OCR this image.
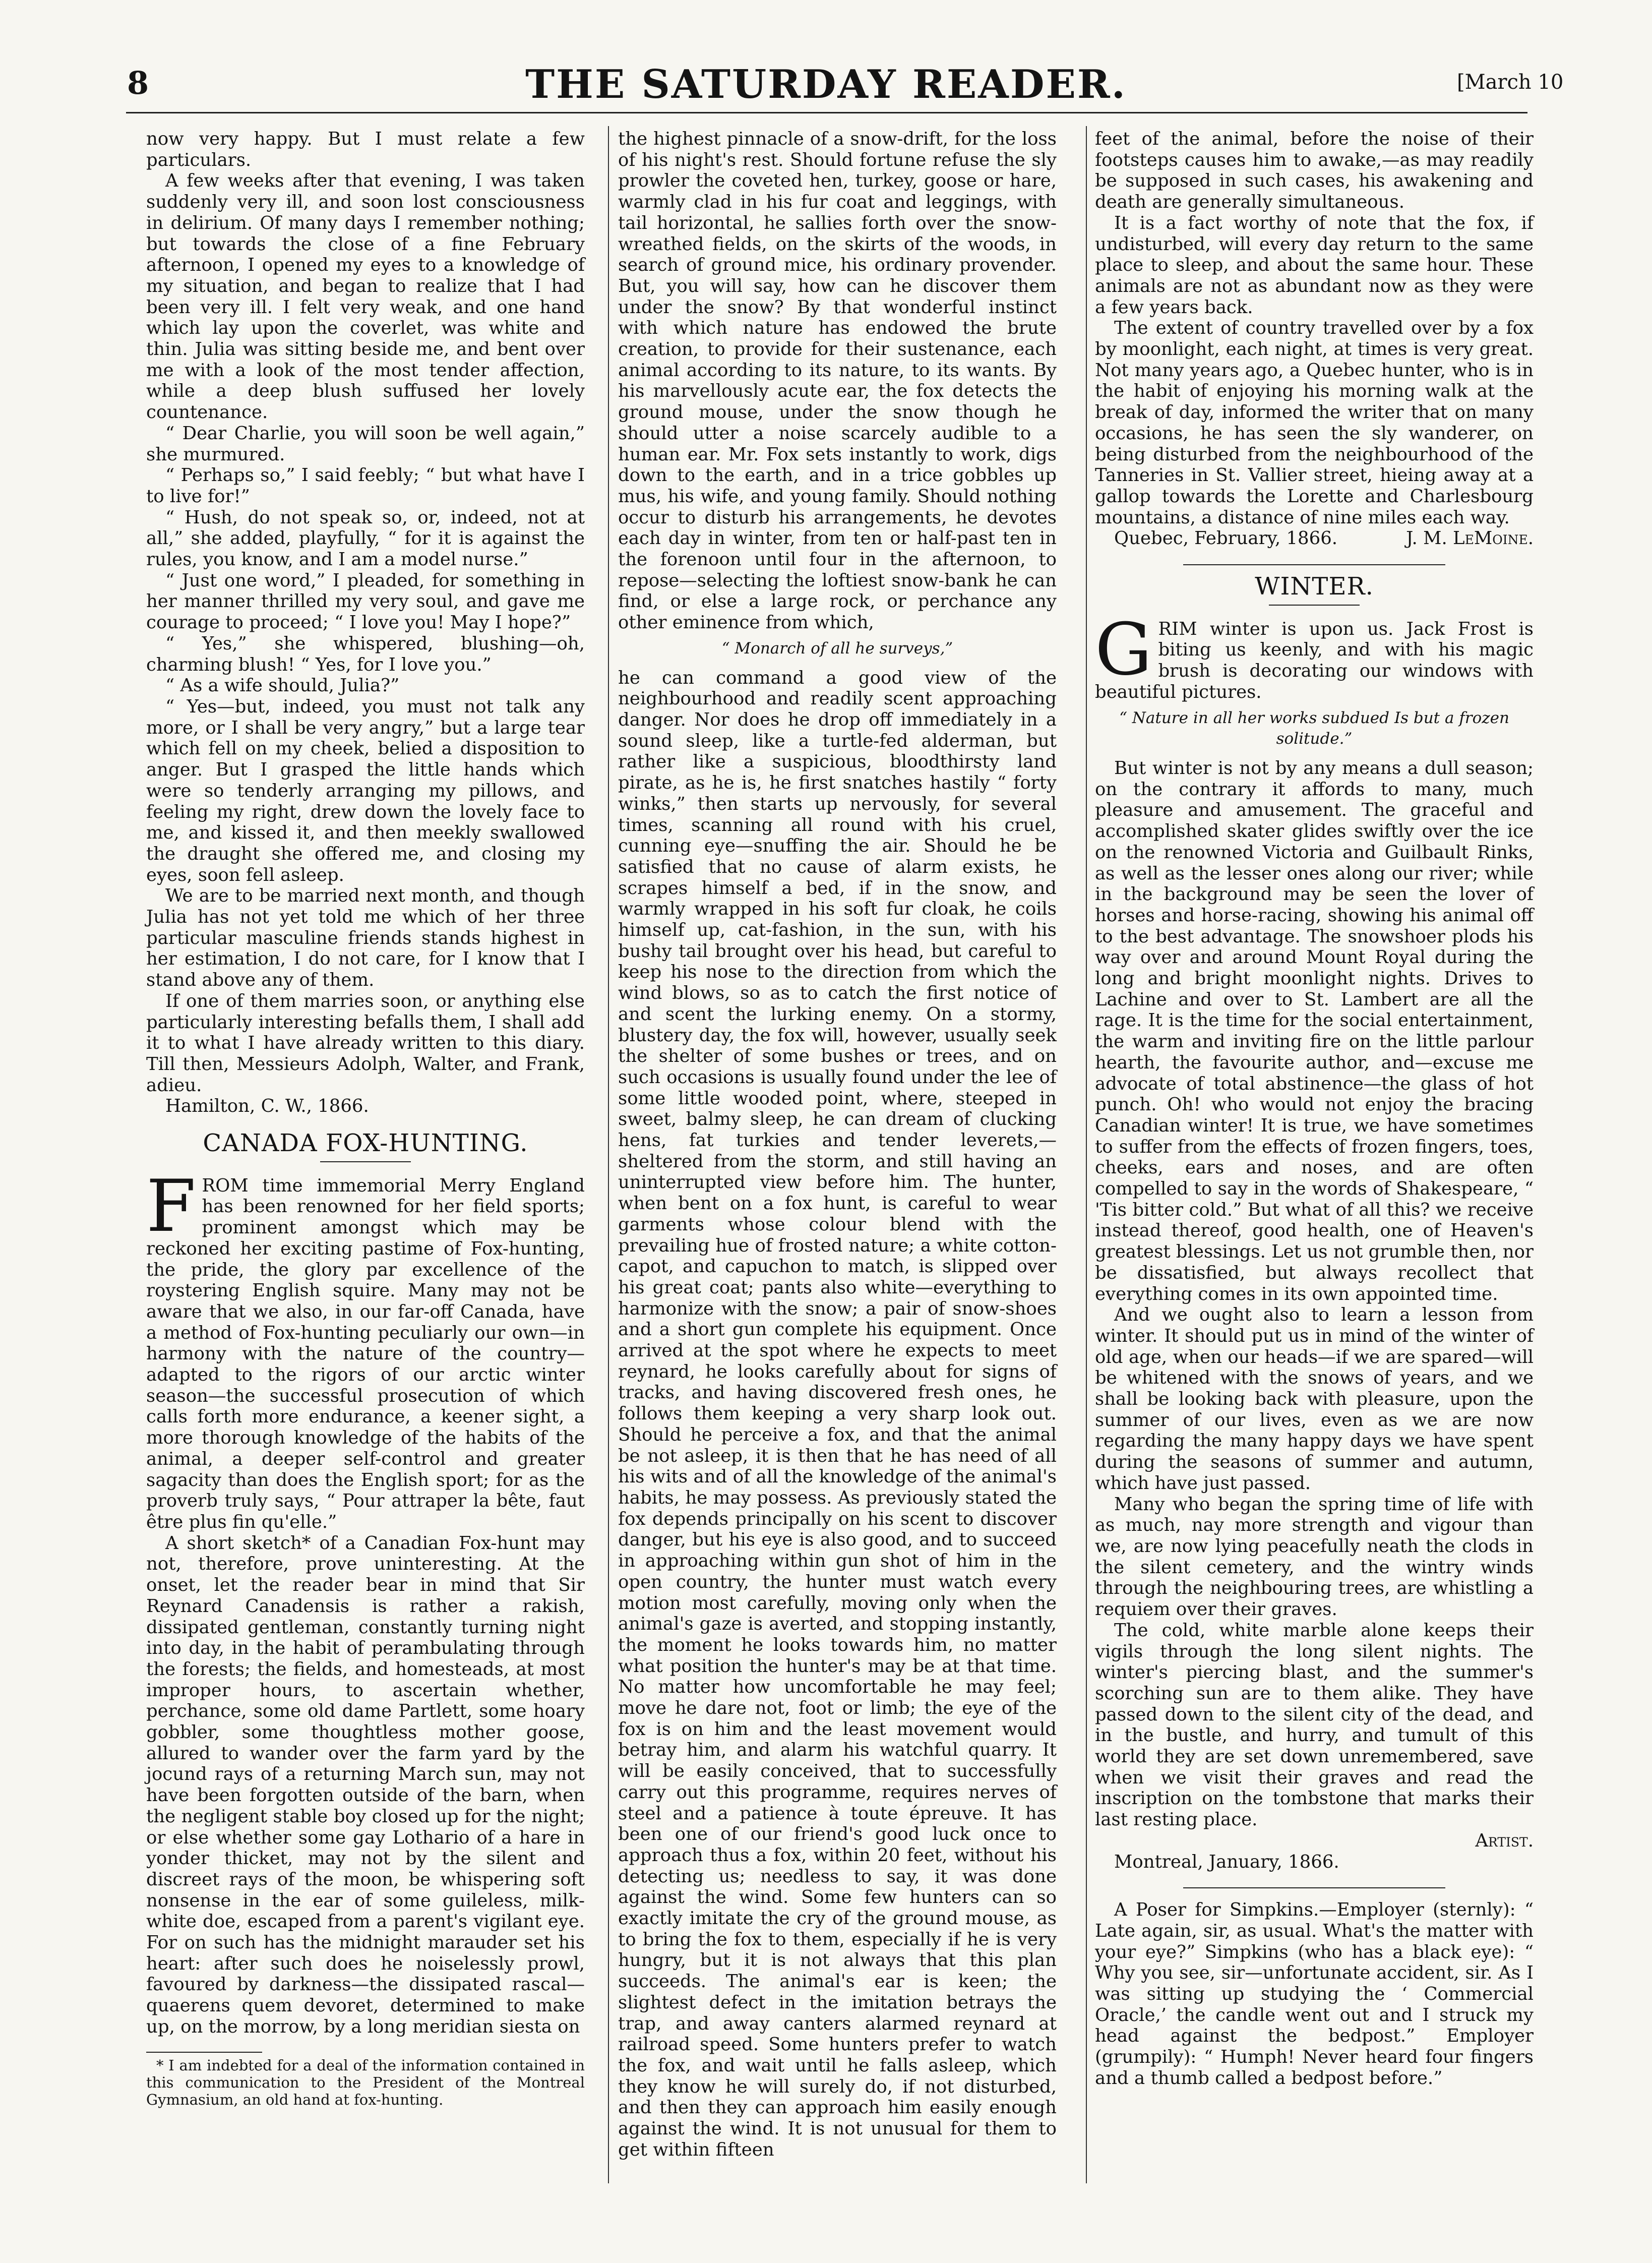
8	THE SATURDAY READER.	[March 10

now very happy. But I must relate a few particulars.

A few weeks after that evening, I was taken suddenly very ill, and soon lost consciousness in delirium. Of many days I remember nothing; but towards the close of a fine February afternoon, I opened my eyes to a knowledge of my situation, and began to realize that I had been very ill. I felt very weak, and one hand which lay upon the coverlet, was white and thin. Julia was sitting beside me, and bent over me with a look of the most tender affection, while a deep blush suffused her lovely countenance.

“ Dear Charlie, you will soon be well again,” she murmured.

“ Perhaps so,” I said feebly; “ but what have I to live for!”

“ Hush, do not speak so, or, indeed, not at all,” she added, playfully, “ for it is against the rules, you know, and I am a model nurse.”

“ Just one word,” I pleaded, for something in her manner thrilled my very soul, and gave me courage to proceed; “ I love you! May I hope?”

“ Yes,” she whispered, blushing—oh, charming blush! “ Yes, for I love you.”

“ As a wife should, Julia?”

“ Yes—but, indeed, you must not talk any more, or I shall be very angry,” but a large tear which fell on my cheek, belied a disposition to anger. But I grasped the little hands which were so tenderly arranging my pillows, and feeling my right, drew down the lovely face to me, and kissed it, and then meekly swallowed the draught she offered me, and closing my eyes, soon fell asleep.

We are to be married next month, and though Julia has not yet told me which of her three particular masculine friends stands highest in her estimation, I do not care, for I know that I stand above any of them.

If one of them marries soon, or anything else particularly interesting befalls them, I shall add it to what I have already written to this diary. Till then, Messieurs Adolph, Walter, and Frank, adieu.

Hamilton, C. W., 1866.

CANADA FOX-HUNTING.

FROM time immemorial Merry England has been renowned for her field sports; prominent amongst which may be reckoned her exciting pastime of Fox-hunting, the pride, the glory par excellence of the roystering English squire. Many may not be aware that we also, in our far-off Canada, have a method of Fox-hunting peculiarly our own—in harmony with the nature of the country—adapted to the rigors of our arctic winter season—the successful prosecution of which calls forth more endurance, a keener sight, a more thorough knowledge of the habits of the animal, a deeper self-control and greater sagacity than does the English sport; for as the proverb truly says, “ Pour attraper la bête, faut être plus fin qu'elle.”

A short sketch* of a Canadian Fox-hunt may not, therefore, prove uninteresting. At the onset, let the reader bear in mind that Sir Reynard Canadensis is rather a rakish, dissipated gentleman, constantly turning night into day, in the habit of perambulating through the forests; the fields, and homesteads, at most improper hours, to ascertain whether, perchance, some old dame Partlett, some hoary gobbler, some thoughtless mother goose, allured to wander over the farm yard by the jocund rays of a returning March sun, may not have been forgotten outside of the barn, when the negligent stable boy closed up for the night; or else whether some gay Lothario of a hare in yonder thicket, may not by the silent and discreet rays of the moon, be whispering soft nonsense in the ear of some guileless, milk-white doe, escaped from a parent's vigilant eye. For on such has the midnight marauder set his heart: after such does he noiselessly prowl, favoured by darkness—the dissipated rascal—quaerens quem devoret, determined to make up, on the morrow, by a long meridian siesta on

* I am indebted for a deal of the information contained in this communication to the President of the Montreal Gymnasium, an old hand at fox-hunting.

the highest pinnacle of a snow-drift, for the loss of his night's rest. Should fortune refuse the sly prowler the coveted hen, turkey, goose or hare, warmly clad in his fur coat and leggings, with tail horizontal, he sallies forth over the snow-wreathed fields, on the skirts of the woods, in search of ground mice, his ordinary provender. But, you will say, how can he discover them under the snow? By that wonderful instinct with which nature has endowed the brute creation, to provide for their sustenance, each animal according to its nature, to its wants. By his marvellously acute ear, the fox detects the ground mouse, under the snow though he should utter a noise scarcely audible to a human ear. Mr. Fox sets instantly to work, digs down to the earth, and in a trice gobbles up mus, his wife, and young family. Should nothing occur to disturb his arrangements, he devotes each day in winter, from ten or half-past ten in the forenoon until four in the afternoon, to repose—selecting the loftiest snow-bank he can find, or else a large rock, or perchance any other eminence from which,

“ Monarch of all he surveys,”

he can command a good view of the neighbourhood and readily scent approaching danger. Nor does he drop off immediately in a sound sleep, like a turtle-fed alderman, but rather like a suspicious, bloodthirsty land pirate, as he is, he first snatches hastily “ forty winks,” then starts up nervously, for several times, scanning all round with his cruel, cunning eye—snuffing the air. Should he be satisfied that no cause of alarm exists, he scrapes himself a bed, if in the snow, and warmly wrapped in his soft fur cloak, he coils himself up, cat-fashion, in the sun, with his bushy tail brought over his head, but careful to keep his nose to the direction from which the wind blows, so as to catch the first notice of and scent the lurking enemy. On a stormy, blustery day, the fox will, however, usually seek the shelter of some bushes or trees, and on such occasions is usually found under the lee of some little wooded point, where, steeped in sweet, balmy sleep, he can dream of clucking hens, fat turkies and tender leverets,—sheltered from the storm, and still having an uninterrupted view before him. The hunter, when bent on a fox hunt, is careful to wear garments whose colour blend with the prevailing hue of frosted nature; a white cotton-capot, and capuchon to match, is slipped over his great coat; pants also white—everything to harmonize with the snow; a pair of snow-shoes and a short gun complete his equipment. Once arrived at the spot where he expects to meet reynard, he looks carefully about for signs of tracks, and having discovered fresh ones, he follows them keeping a very sharp look out. Should he perceive a fox, and that the animal be not asleep, it is then that he has need of all his wits and of all the knowledge of the animal's habits, he may possess. As previously stated the fox depends principally on his scent to discover danger, but his eye is also good, and to succeed in approaching within gun shot of him in the open country, the hunter must watch every motion most carefully, moving only when the animal's gaze is averted, and stopping instantly, the moment he looks towards him, no matter what position the hunter's may be at that time. No matter how uncomfortable he may feel; move he dare not, foot or limb; the eye of the fox is on him and the least movement would betray him, and alarm his watchful quarry. It will be easily conceived, that to successfully carry out this programme, requires nerves of steel and a patience à toute épreuve. It has been one of our friend's good luck once to approach thus a fox, within 20 feet, without his detecting us; needless to say, it was done against the wind. Some few hunters can so exactly imitate the cry of the ground mouse, as to bring the fox to them, especially if he is very hungry, but it is not always that this plan succeeds. The animal's ear is keen; the slightest defect in the imitation betrays the trap, and away canters alarmed reynard at railroad speed. Some hunters prefer to watch the fox, and wait until he falls asleep, which they know he will surely do, if not disturbed, and then they can approach him easily enough against the wind. It is not unusual for them to get within fifteen

feet of the animal, before the noise of their footsteps causes him to awake,—as may readily be supposed in such cases, his awakening and death are generally simultaneous.

It is a fact worthy of note that the fox, if undisturbed, will every day return to the same place to sleep, and about the same hour. These animals are not as abundant now as they were a few years back.

The extent of country travelled over by a fox by moonlight, each night, at times is very great. Not many years ago, a Quebec hunter, who is in the habit of enjoying his morning walk at the break of day, informed the writer that on many occasions, he has seen the sly wanderer, on being disturbed from the neighbourhood of the Tanneries in St. Vallier street, hieing away at a gallop towards the Lorette and Charlesbourg mountains, a distance of nine miles each way.

Quebec, February, 1866.	J. M. LeMoine.

WINTER.

GRIM winter is upon us. Jack Frost is biting us keenly, and with his magic brush is decorating our windows with beautiful pictures.

“ Nature in all her works subdued Is but a frozen solitude.”

But winter is not by any means a dull season; on the contrary it affords to many, much pleasure and amusement. The graceful and accomplished skater glides swiftly over the ice on the renowned Victoria and Guilbault Rinks, as well as the lesser ones along our river; while in the background may be seen the lover of horses and horse-racing, showing his animal off to the best advantage. The snowshoer plods his way over and around Mount Royal during the long and bright moonlight nights. Drives to Lachine and over to St. Lambert are all the rage. It is the time for the social entertainment, the warm and inviting fire on the little parlour hearth, the favourite author, and—excuse me advocate of total abstinence—the glass of hot punch. Oh! who would not enjoy the bracing Canadian winter! It is true, we have sometimes to suffer from the effects of frozen fingers, toes, cheeks, ears and noses, and are often compelled to say in the words of Shakespeare, “ 'Tis bitter cold.” But what of all this? we receive instead thereof, good health, one of Heaven's greatest blessings. Let us not grumble then, nor be dissatisfied, but always recollect that everything comes in its own appointed time.

And we ought also to learn a lesson from winter. It should put us in mind of the winter of old age, when our heads—if we are spared—will be whitened with the snows of years, and we shall be looking back with pleasure, upon the summer of our lives, even as we are now regarding the many happy days we have spent during the seasons of summer and autumn, which have just passed.

Many who began the spring time of life with as much, nay more strength and vigour than we, are now lying peacefully neath the clods in the silent cemetery, and the wintry winds through the neighbouring trees, are whistling a requiem over their graves.

The cold, white marble alone keeps their vigils through the long silent nights. The winter's piercing blast, and the summer's scorching sun are to them alike. They have passed down to the silent city of the dead, and in the bustle, and hurry, and tumult of this world they are set down unremembered, save when we visit their graves and read the inscription on the tombstone that marks their last resting place.

Artist.

Montreal, January, 1866.

A Poser for Simpkins.—Employer (sternly): “ Late again, sir, as usual. What's the matter with your eye?” Simpkins (who has a black eye): “ Why you see, sir—unfortunate accident, sir. As I was sitting up studying the ‘ Commercial Oracle,’ the candle went out and I struck my head against the bedpost.” Employer (grumpily): “ Humph! Never heard four fingers and a thumb called a bedpost before.”
